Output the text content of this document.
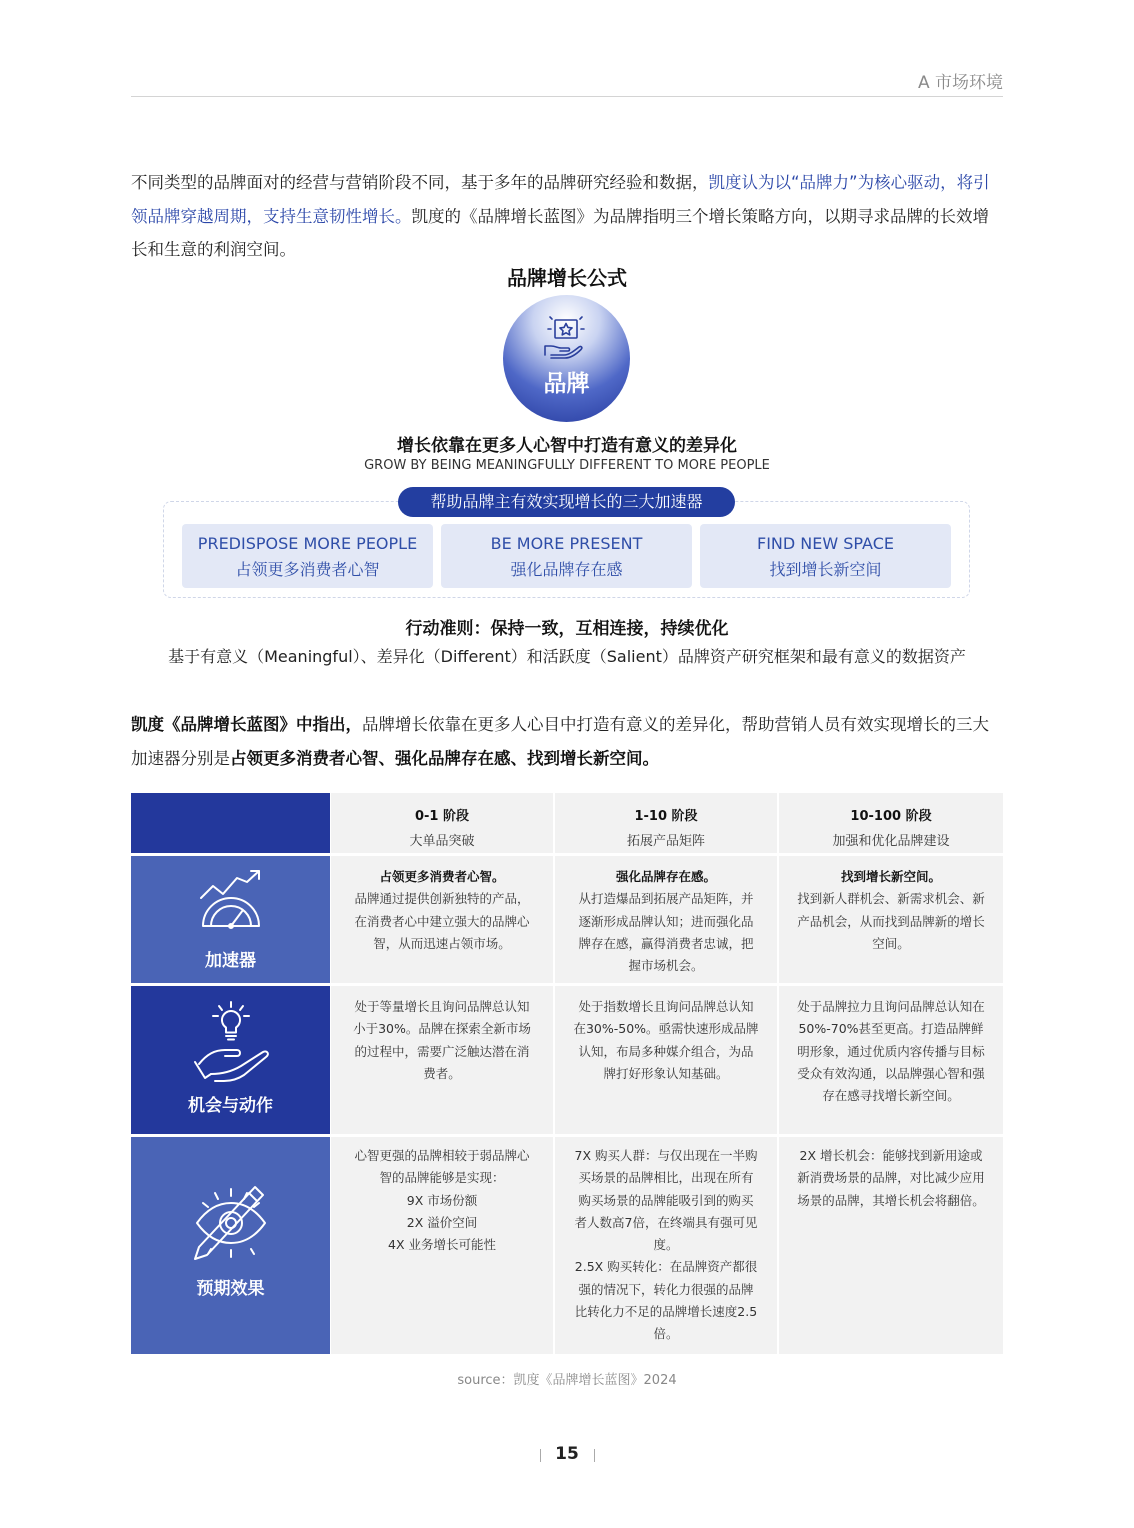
A 市场环境

不同类型的品牌面对的经营与营销阶段不同，基于多年的品牌研究经验和数据，凯度认为以“品牌力”为核心驱动，将引领品牌穿越周期，支持生意韧性增长。凯度的《品牌增长蓝图》为品牌指明三个增长策略方向，以期寻求品牌的长效增长和生意的利润空间。

品牌增长公式
品牌
增长依靠在更多人心智中打造有意义的差异化
GROW BY BEING MEANINGFULLY DIFFERENT TO MORE PEOPLE
帮助品牌主有效实现增长的三大加速器
PREDISPOSE MORE PEOPLE
占领更多消费者心智
BE MORE PRESENT
强化品牌存在感
FIND NEW SPACE
找到增长新空间
行动准则：保持一致，互相连接，持续优化
基于有意义（Meaningful）、差异化（Different）和活跃度（Salient）品牌资产研究框架和最有意义的数据资产

凯度《品牌增长蓝图》中指出，品牌增长依靠在更多人心目中打造有意义的差异化，帮助营销人员有效实现增长的三大加速器分别是占领更多消费者心智、强化品牌存在感、找到增长新空间。

0-1 阶段
大单品突破
1-10 阶段
拓展产品矩阵
10-100 阶段
加强和优化品牌建设
加速器
占领更多消费者心智。
品牌通过提供创新独特的产品，在消费者心中建立强大的品牌心智，从而迅速占领市场。
强化品牌存在感。
从打造爆品到拓展产品矩阵，并逐渐形成品牌认知；进而强化品牌存在感，赢得消费者忠诚，把握市场机会。
找到增长新空间。
找到新人群机会、新需求机会、新产品机会，从而找到品牌新的增长空间。
机会与动作
处于等量增长且询问品牌总认知小于30%。品牌在探索全新市场的过程中，需要广泛触达潜在消费者。
处于指数增长且询问品牌总认知在30%-50%。亟需快速形成品牌认知，布局多种媒介组合，为品牌打好形象认知基础。
处于品牌拉力且询问品牌总认知在50%-70%甚至更高。打造品牌鲜明形象，通过优质内容传播与目标受众有效沟通，以品牌强心智和强存在感寻找增长新空间。
预期效果
心智更强的品牌相较于弱品牌心智的品牌能够是实现：
9X 市场份额
2X 溢价空间
4X 业务增长可能性
7X 购买人群：与仅出现在一半购买场景的品牌相比，出现在所有购买场景的品牌能吸引到的购买者人数高7倍，在终端具有强可见度。
2.5X 购买转化：在品牌资产都很强的情况下，转化力很强的品牌比转化力不足的品牌增长速度2.5倍。
2X 增长机会：能够找到新用途或新消费场景的品牌，对比减少应用场景的品牌，其增长机会将翻倍。
source：凯度《品牌增长蓝图》2024
15
